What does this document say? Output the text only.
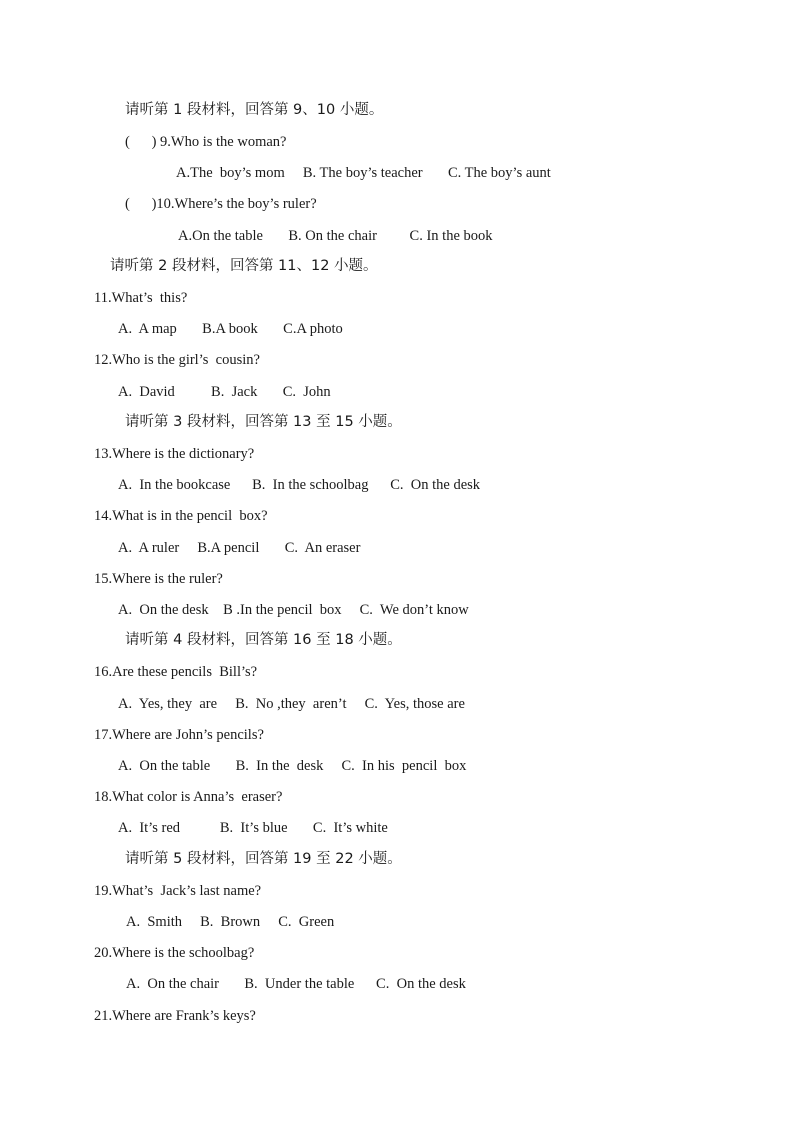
请听第 1 段材料，回答第 9、10 小题。
(      ) 9.Who is the woman?
A.The  boy’s mom     B. The boy’s teacher       C. The boy’s aunt
(      )10.Where’s the boy’s ruler?
A.On the table       B. On the chair         C. In the book
请听第 2 段材料，回答第 11、12 小题。
11.What’s  this?
A.  A map       B.A book       C.A photo
12.Who is the girl’s  cousin?
A.  David          B.  Jack       C.  John
请听第 3 段材料，回答第 13 至 15 小题。
13.Where is the dictionary?
A.  In the bookcase      B.  In the schoolbag      C.  On the desk
14.What is in the pencil  box?
A.  A ruler     B.A pencil       C.  An eraser
15.Where is the ruler?
A.  On the desk    B .In the pencil  box     C.  We don’t know
请听第 4 段材料，回答第 16 至 18 小题。
16.Are these pencils  Bill’s?
A.  Yes, they  are     B.  No ,they  aren’t     C.  Yes, those are
17.Where are John’s pencils?
A.  On the table       B.  In the  desk     C.  In his  pencil  box
18.What color is Anna’s  eraser?
A.  It’s red           B.  It’s blue       C.  It’s white
请听第 5 段材料，回答第 19 至 22 小题。
19.What’s  Jack’s last name?
A.  Smith     B.  Brown     C.  Green
20.Where is the schoolbag?
A.  On the chair       B.  Under the table      C.  On the desk
21.Where are Frank’s keys?
